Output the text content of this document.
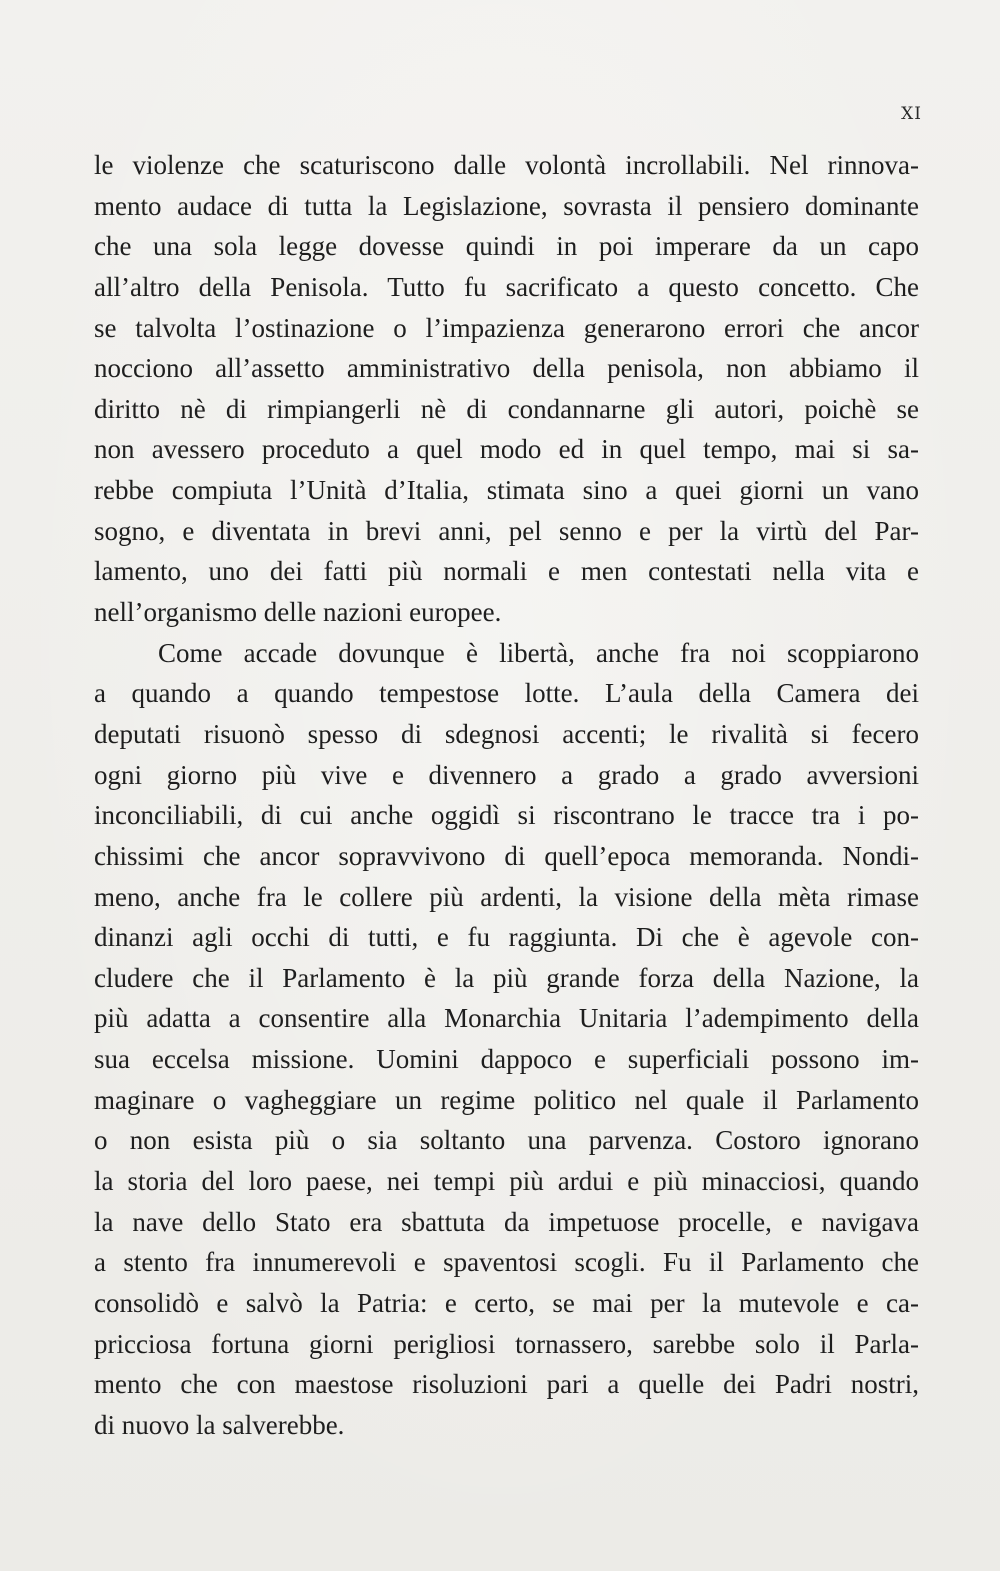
XI
le violenze che scaturiscono dalle volontà incrollabili. Nel rinnova-
mento audace di tutta la Legislazione, sovrasta il pensiero dominante
che una sola legge dovesse quindi in poi imperare da un capo
all’altro della Penisola. Tutto fu sacrificato a questo concetto. Che
se talvolta l’ostinazione o l’impazienza generarono errori che ancor
nocciono all’assetto amministrativo della penisola, non abbiamo il
diritto nè di rimpiangerli nè di condannarne gli autori, poichè se
non avessero proceduto a quel modo ed in quel tempo, mai si sa-
rebbe compiuta l’Unità d’Italia, stimata sino a quei giorni un vano
sogno, e diventata in brevi anni, pel senno e per la virtù del Par-
lamento, uno dei fatti più normali e men contestati nella vita e
nell’organismo delle nazioni europee.
Come accade dovunque è libertà, anche fra noi scoppiarono
a quando a quando tempestose lotte. L’aula della Camera dei
deputati risuonò spesso di sdegnosi accenti; le rivalità si fecero
ogni giorno più vive e divennero a grado a grado avversioni
inconciliabili, di cui anche oggidì si riscontrano le tracce tra i po-
chissimi che ancor sopravvivono di quell’epoca memoranda. Nondi-
meno, anche fra le collere più ardenti, la visione della mèta rimase
dinanzi agli occhi di tutti, e fu raggiunta. Di che è agevole con-
cludere che il Parlamento è la più grande forza della Nazione, la
più adatta a consentire alla Monarchia Unitaria l’adempimento della
sua eccelsa missione. Uomini dappoco e superficiali possono im-
maginare o vagheggiare un regime politico nel quale il Parlamento
o non esista più o sia soltanto una parvenza. Costoro ignorano
la storia del loro paese, nei tempi più ardui e più minacciosi, quando
la nave dello Stato era sbattuta da impetuose procelle, e navigava
a stento fra innumerevoli e spaventosi scogli. Fu il Parlamento che
consolidò e salvò la Patria: e certo, se mai per la mutevole e ca-
pricciosa fortuna giorni perigliosi tornassero, sarebbe solo il Parla-
mento che con maestose risoluzioni pari a quelle dei Padri nostri,
di nuovo la salverebbe.
